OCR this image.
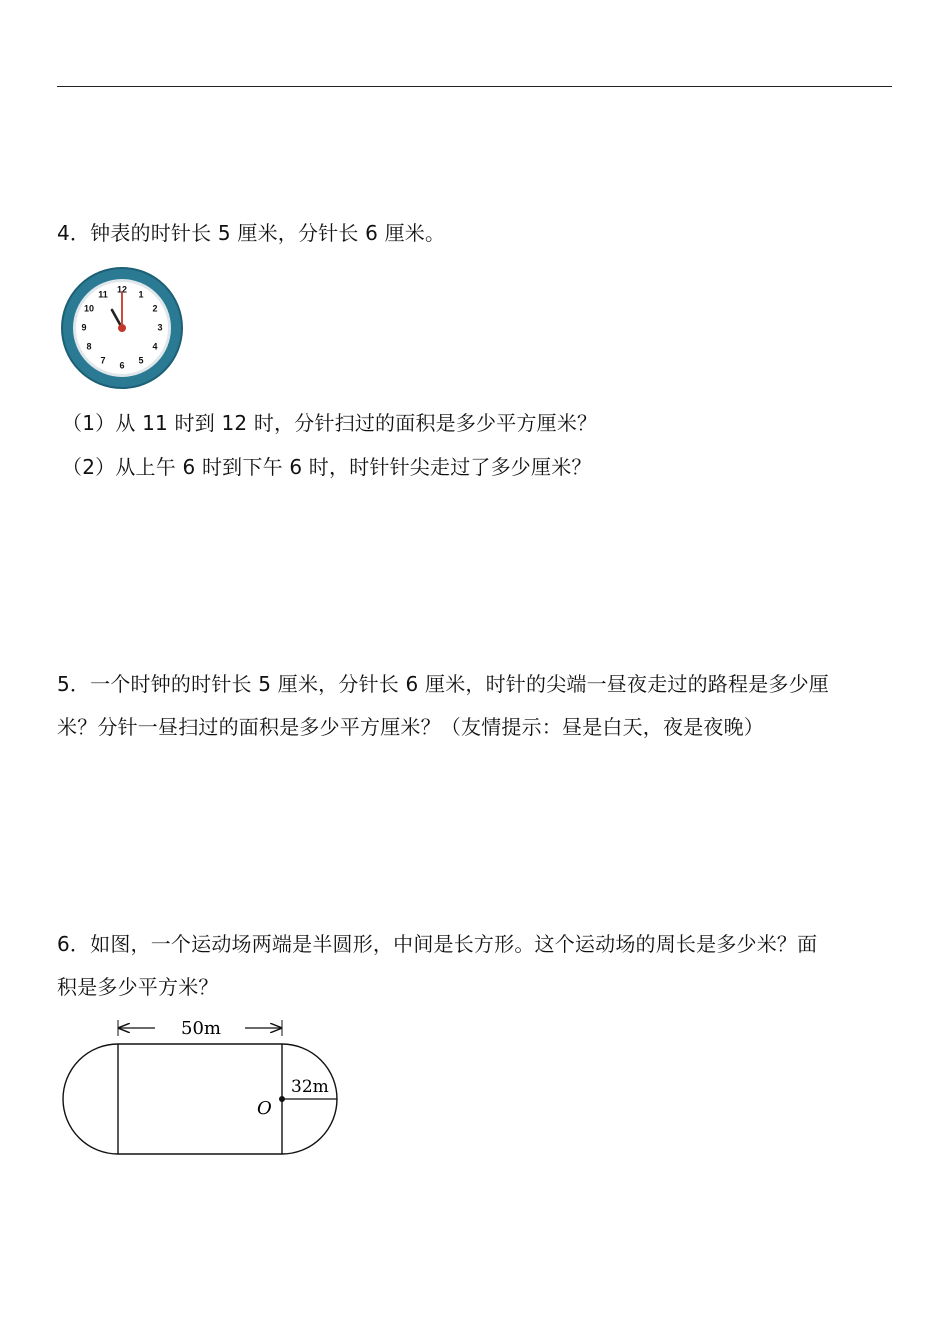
4．钟表的时针长 5 厘米，分针长 6 厘米。
12 1
2
3
4
5
6
7
8
9
10
11
（1）从 11 时到 12 时，分针扫过的面积是多少平方厘米？
（2）从上午 6 时到下午 6 时，时针针尖走过了多少厘米？
5．一个时钟的时针长 5 厘米，分针长 6 厘米，时针的尖端一昼夜走过的路程是多少厘
米？分针一昼扫过的面积是多少平方厘米？（友情提示：昼是白天，夜是夜晚）
6．如图，一个运动场两端是半圆形，中间是长方形。这个运动场的周长是多少米？面
积是多少平方米？
50m
32m
O
